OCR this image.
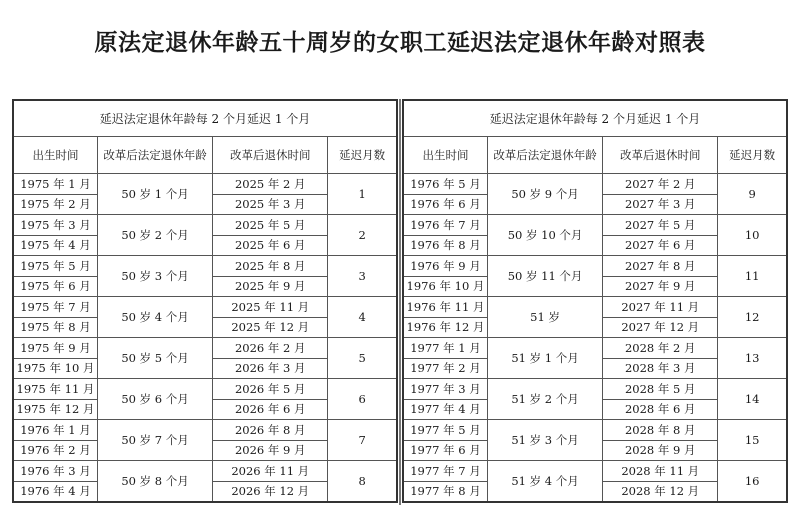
原法定退休年龄五十周岁的女职工延迟法定退休年龄对照表
延迟法定退休年龄每 2 个月延迟 1 个月			
出生时间	改革后法定退休年龄	改革后退休时间	延迟月数
1975 年 1 月	50 岁 1 个月	2025 年 2 月	1
1975 年 2 月		2025 年 3 月	
1975 年 3 月	50 岁 2 个月	2025 年 5 月	2
1975 年 4 月		2025 年 6 月	
1975 年 5 月	50 岁 3 个月	2025 年 8 月	3
1975 年 6 月		2025 年 9 月	
1975 年 7 月	50 岁 4 个月	2025 年 11 月	4
1975 年 8 月		2025 年 12 月	
1975 年 9 月	50 岁 5 个月	2026 年 2 月	5
1975 年 10 月		2026 年 3 月	
1975 年 11 月	50 岁 6 个月	2026 年 5 月	6
1975 年 12 月		2026 年 6 月	
1976 年 1 月	50 岁 7 个月	2026 年 8 月	7
1976 年 2 月		2026 年 9 月	
1976 年 3 月	50 岁 8 个月	2026 年 11 月	8
1976 年 4 月		2026 年 12 月	
延迟法定退休年龄每 2 个月延迟 1 个月			
出生时间	改革后法定退休年龄	改革后退休时间	延迟月数
1976 年 5 月	50 岁 9 个月	2027 年 2 月	9
1976 年 6 月		2027 年 3 月	
1976 年 7 月	50 岁 10 个月	2027 年 5 月	10
1976 年 8 月		2027 年 6 月	
1976 年 9 月	50 岁 11 个月	2027 年 8 月	11
1976 年 10 月		2027 年 9 月	
1976 年 11 月	51 岁	2027 年 11 月	12
1976 年 12 月		2027 年 12 月	
1977 年 1 月	51 岁 1 个月	2028 年 2 月	13
1977 年 2 月		2028 年 3 月	
1977 年 3 月	51 岁 2 个月	2028 年 5 月	14
1977 年 4 月		2028 年 6 月	
1977 年 5 月	51 岁 3 个月	2028 年 8 月	15
1977 年 6 月		2028 年 9 月	
1977 年 7 月	51 岁 4 个月	2028 年 11 月	16
1977 年 8 月		2028 年 12 月	
